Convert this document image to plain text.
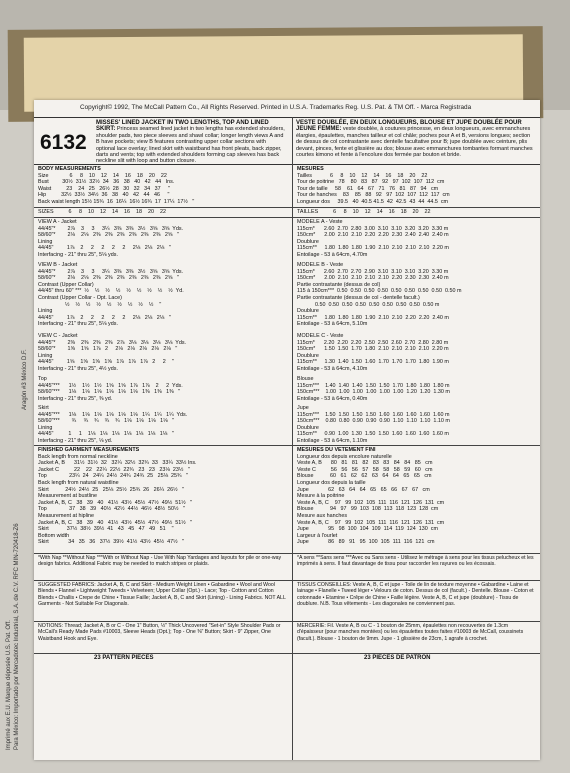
Imprimé aux E.U. Marque déposée U.S. Pat. Off. Para México: Importado por Mercadotec Industrial, S.A. de C.V. RFC MIN-720418-Z6
Aragón #3 México D.F.
Copyright© 1992, The McCall Pattern Co., All Rights Reserved. Printed in U.S.A. Trademarks Reg. U.S. Pat. & TM Off. - Marca Registrada
6132
MISSES' LINED JACKET IN TWO LENGTHS, TOP AND LINED SKIRT: Princess seamed lined jacket in two lengths has extended shoulders, shoulder pads, two piece sleeves and shawl collar; longer length views A and B have pockets; view B features contrasting upper collar sections with optional lace overlay; lined skirt with waistband has front pleats, back zipper, darts and vents; top with extended shoulders forming cap sleeves has back neckline slit with loop and button closure.
VESTE DOUBLÉE, EN DEUX LONGUEURS, BLOUSE ET JUPE DOUBLÉE POUR JEUNE FEMME: veste doublée, à coutures princesse, en deux longueurs, avec emmanchures élargies, épaulettes, manches tailleur et col châle; poches pour A et B, versions longues; section de dessus de col contrastante avec dentelle facultative pour B; jupe doublée avec ceinture, plis devant, pinces, fente et glissière au dos; blouse avec emmanchures tombantes formant manches courtes kimono et fente à l'encolure dos fermée par bouton et bride.
BODY MEASUREMENTS
Size              6     8    10    12    14    16    18    20    22
Bust         30½  31½  32½  34   36   38   40   42   44   Ins.
Waist          23    24   25   26½  28   30   32   34   37     "
Hip          32½  33½  34½  36   38   40   42   44   46     "
Back waist length 15½ 15¾  16  16¼  16½ 16¾  17  17¼  17½   "
SIZES          6     8    10    12    14    16    18    20    22
VIEW A - Jacket
44/45"*        2⅞    3     3     3¼   3⅜   3⅜   3½   3⅝   3⅝  Yds.
58/60"*        2⅛    2⅛   2⅜   2⅜   2⅜   2⅜   2⅜   2⅜   2⅝   "
Lining
44/45"         1⅞    2     2     2     2     2     2⅛   2⅛   2⅛   "
Interfacing - 21" thru 25", 5⅛ yds.
VIEW B - Jacket
44/45"*        2⅞    3     3     3¼   3⅜   3⅜   3½   3⅝   3⅝  Yds.
58/60"*        2⅛    2⅛   2⅜   2⅜   2⅜   2⅜   2⅜   2⅜   2⅝   "
Contrast (Upper Collar)
44/45" thru 60" ***  ½    ½    ½    ½    ½    ½    ½    ½    ½  Yd.
Contrast (Upper Collar - Opt. Lace)
½    ½    ½    ½    ½    ½    ½    ½    ½    "
Lining
44/45"         1⅞    2     2     2     2     2     2⅛   2⅛   2⅛   "
Interfacing - 21" thru 25", 5⅛ yds.
VIEW C - Jacket
44/45"*        2⅜    2⅜   2⅜   2⅜   2⅞   3⅛   3⅛   3⅛   3⅛  Yds.
58/60"*        1⅝    1⅝   1⅞   2     2⅛   2⅛   2⅛   2⅛   2⅛   "
Lining
44/45"         1⅝    1⅝   1⅝   1⅝   1⅞   1⅞   1⅞   2     2    "
Interfacing - 21" thru 25", 4½ yds.
Top
44/45"***      1½    1½   1½   1⅝   1⅝   1⅞   1⅞    2     2  Yds.
58/60"***      1⅛    1⅛   1⅛   1⅛   1⅛   1⅛   1⅜   1⅜   1⅜   "
Interfacing - 21" thru 25", ⅜ yd.
Skirt
44/45"***      1⅛    1⅛   1⅛   1⅛   1⅛   1⅛   1¼   1¼   1¼  Yds.
58/60"***        ¾     ¾    ¾    ¾    ¾   1⅛   1⅛   1⅛   1⅛   "
Lining
44/45"          1     1    1⅛   1⅛   1⅛   1⅛   1⅛   1⅛   1⅛   "
Interfacing - 21" thru 25", ⅛ yd.
FINISHED GARMENT MEASUREMENTS
Back length from normal neckline
Jacket A, B      31½  31½  32   32¼  32½  32¾  33   33¼  33½ Ins.
Jacket C          22    22   22¼  22½  22¾   23   23   23⅛  23½   "
Top               23¼  24   24¼  24½  24¾  24¾  25   25⅛  25¾   "
Back length from natural waistline
Skirt           24½  24½  25   25⅛  25½  25¾  26   26¼  26½   "
Measurement at bustline
Jacket A, B, C   38   39   40   41½  43½  45½  47½  49½  51½   "
Top               37   38   39   40½  42½  44½  46½  48½  50½   "
Measurement at hipline
Jacket A, B, C   38   39   40   41½  43½  45½  47½  49½  51½   "
Skirt            37½  38½  39½  41   43   45   47   49   51    "
Bottom width
Skirt             34   35   36   37½  39½  41½  43½  45½  47½   "
*With Nap **Without Nap ***With or Without Nap - Use With Nap Yardages and layouts for pile or one-way design fabrics. Additional Fabric may be needed to match stripes or plaids.
SUGGESTED FABRICS: Jacket A, B, C and Skirt - Medium Weight Linen • Gabardine • Wool and Wool Blends • Flannel • Lightweight Tweeds • Velveteen; Upper Collar (Opt.) - Lace; Top - Cotton and Cotton Blends • Challis • Crepe de Chine • Tissue Faille; Jacket A, B, C and Skirt (Lining) - Lining Fabrics. NOT ALL Garments - Not Suitable For Diagonals.
NOTIONS: Thread; Jacket A, B or C - One 1" Button, ½" Thick Uncovered "Set-in" Style Shoulder Pads or McCall's Ready Made Pads #10003, Sleeve Heads (Opt.); Top - One ⅜" Button; Skirt - 9" Zipper, One Waistband Hook and Eye.
23 PATTERN PIECES
MESURES
Tailles            6     8    10    12    14    16    18    20    22
Tour de poitrine   78    80   83   87   92   97  102  107  112  cm
Tour de taille     58    61   64   67   71   76   81   87   94   cm
Tour de hanches    83    85   88   92   97  102  107  112  117  cm
Longueur dos     39.5   40  40.5 41.5  42  42.5  43  44  44.5  cm
TAILLES          6     8    10    12    14    16    18    20    22
MODELE A - Veste
115cm*      2.60  2.70  2.80  3.00  3.10  3.10  3.20  3.20  3.30 m
150cm*      2.00  2.10  2.10  2.20  2.20  2.30  2.40  2.40  2.40 m
Doublure
115cm**     1.80  1.80  1.80  1.90  2.10  2.10  2.10  2.10  2.20 m
Entoilage - 53 à 64cm, 4.70m
MODELE B - Veste
115cm*      2.60  2.70  2.70  2.90  3.10  3.10  3.10  3.20  3.30 m
150cm*      2.00  2.10  2.10  2.10  2.10  2.20  2.30  2.30  2.40 m
Partie contrastante (dessus de col)
115 à 150cm***  0.50  0.50  0.50  0.50  0.50  0.50  0.50  0.50  0.50 m
Partie contrastante (dessus de col - dentelle facult.)
0.50  0.50  0.50  0.50  0.50  0.50  0.50  0.50  0.50 m
Doublure
115cm**     1.80  1.80  1.80  1.90  2.10  2.10  2.20  2.20  2.40 m
Entoilage - 53 à 64cm, 5.10m
MODELE C - Veste
115cm*      2.20  2.20  2.20  2.50  2.50  2.60  2.70  2.80  2.80 m
150cm*      1.50  1.50  1.70  1.80  2.10  2.10  2.10  2.10  2.20 m
Doublure
115cm**     1.30  1.40  1.50  1.60  1.70  1.70  1.70  1.80  1.90 m
Entoilage - 53 à 64cm, 4.10m
Blouse
115cm***    1.40  1.40  1.40  1.50  1.50  1.70  1.80  1.80  1.80 m
150cm***    1.00  1.00  1.00  1.00  1.00  1.00  1.20  1.20  1.30 m
Entoilage - 53 à 64cm, 0.40m
Jupe
115cm***    1.50  1.50  1.50  1.50  1.60  1.60  1.60  1.60  1.60 m
150cm***    0.80  0.80  0.90  0.90  0.90  1.10  1.10  1.10  1.10 m
Doublure
115cm**     0.90  1.00  1.30  1.50  1.50  1.60  1.60  1.60  1.60 m
Entoilage - 53 à 64cm, 1.10m
MESURES DU VETEMENT FINI
Longueur dos depuis encolure naturelle
Veste A, B      80   81   81   82   83   83   84   84   85   cm
Veste C          56   56   56   57   58   58   58   59   60   cm
Blouse           60   61   62   62   63   64   64   65   65   cm
Longueur dos depuis la taille
Jupe             62   63   64   64   65   65   66   67   67   cm
Mesure à la poitrine
Veste A, B, C    97   99  102  105  111  116  121  126  131  cm
Blouse           94   97   99  103  108  113  118  123  128  cm
Mesure aux hanches
Veste A, B, C    97   99  102  105  111  116  121  126  131  cm
Jupe             95   98  100  104  109  114  119  124  130  cm
Largeur à l'ourlet
Jupe             86   89   91   95  100  105  111  116  121  cm
*A sens **Sans sens ***Avec ou Sans sens - Utilisez le métrage à sens pour les tissus pelucheux et les imprimés à sens. Il faut davantage de tissu pour raccorder les rayures ou les écossais.
TISSUS CONSEILLES: Veste A, B, C et jupe - Toile de lin de texture moyenne • Gabardine • Laine et lainage • Flanelle • Tweed léger • Velours de coton. Dessus de col (facult.) - Dentelle. Blouse - Coton et cotonnade • Etamine • Crêpe de Chine • Faille légère. Veste A, B, C et jupe (doublure) - Tissu de doublure. N.B. Tous vêtements - Les diagonales ne conviennent pas.
MERCERIE: Fil. Veste A, B ou C - 1 bouton de 25mm, épaulettes non recouvertes de 1.3cm d'épaisseur (pour manches montées) ou les épaulettes toutes faites #10003 de McCall, coussinets (facult.). Blouse - 1 bouton de 9mm. Jupe - 1 glissière de 23cm, 1 agrafe à crochet.
23 PIECES DE PATRON
